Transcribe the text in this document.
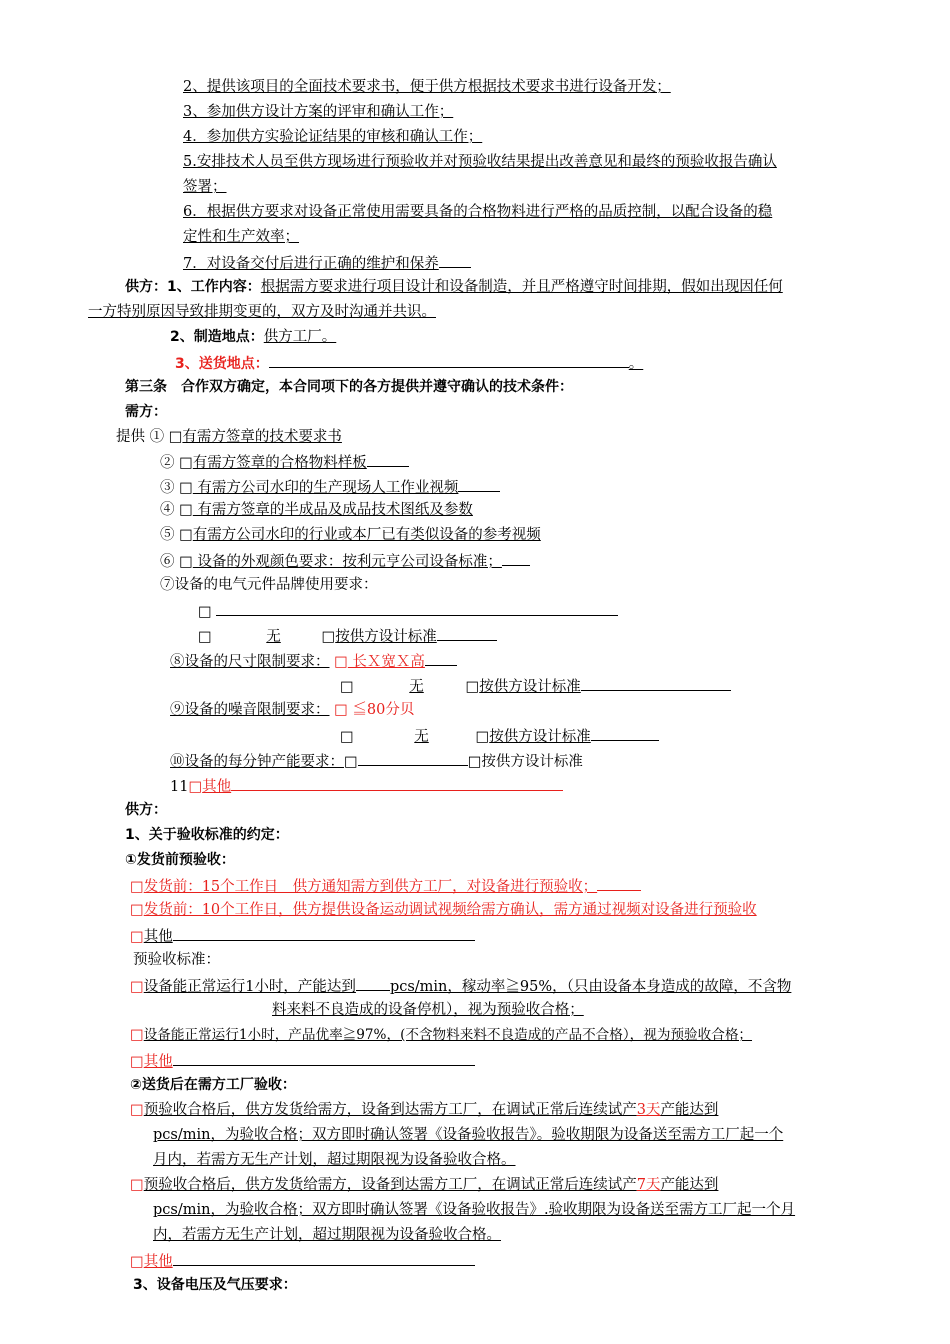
2、提供该项目的全面技术要求书，便于供方根据技术要求书进行设备开发；
3、参加供方设计方案的评审和确认工作；
4．参加供方实验论证结果的审核和确认工作；
5.安排技术人员至供方现场进行预验收并对预验收结果提出改善意见和最终的预验收报告确认
签署；
6．根据供方要求对设备正常使用需要具备的合格物料进行严格的品质控制，以配合设备的稳
定性和生产效率；
7．对设备交付后进行正确的维护和保养
供方：1、工作内容：根据需方要求进行项目设计和设备制造，并且严格遵守时间排期，假如出现因任何
一方特别原因导致排期变更的，双方及时沟通并共识。
2、制造地点：供方工厂。
3、送货地点：	。
第三条　合作双方确定，本合同项下的各方提供并遵守确认的技术条件：
需方：
提供 ① □有需方签章的技术要求书
② □有需方签章的合格物料样板
③ □ 有需方公司水印的生产现场人工作业视频
④ □ 有需方签章的半成品及成品技术图纸及参数
⑤ □有需方公司水印的行业或本厂已有类似设备的参考视频
⑥ □ 设备的外观颜色要求：按利元亨公司设备标准；
⑦设备的电气元件品牌使用要求：
□
□	无	□按供方设计标准
⑧设备的尺寸限制要求： □ 长Ｘ宽Ｘ高
□	无	□按供方设计标准
⑨设备的噪音限制要求： □ ≦80分贝
□	无	□按供方设计标准
⑩设备的每分钟产能要求：□	□按供方设计标准
11□其他
供方：
1、关于验收标准的约定：
①发货前预验收：
□发货前：15个工作日　供方通知需方到供方工厂，对设备进行预验收；
□发货前：10个工作日，供方提供设备运动调试视频给需方确认，需方通过视频对设备进行预验收
□其他
预验收标准：
□设备能正常运行1小时，产能达到 pcs/min，稼动率≧95%，（只由设备本身造成的故障，不含物
料来料不良造成的设备停机），视为预验收合格；
□设备能正常运行1小时，产品优率≧97%，(不含物料来料不良造成的产品不合格），视为预验收合格；
□其他
②送货后在需方工厂验收：
□预验收合格后，供方发货给需方，设备到达需方工厂，在调试正常后连续试产3天产能达到
pcs/min，为验收合格；双方即时确认签署《设备验收报告》。验收期限为设备送至需方工厂起一个
月内，若需方无生产计划，超过期限视为设备验收合格。
□预验收合格后，供方发货给需方，设备到达需方工厂，在调试正常后连续试产7天产能达到
pcs/min，为验收合格；双方即时确认签署《设备验收报告》.验收期限为设备送至需方工厂起一个月
内，若需方无生产计划，超过期限视为设备验收合格。
□其他
3、设备电压及气压要求：
